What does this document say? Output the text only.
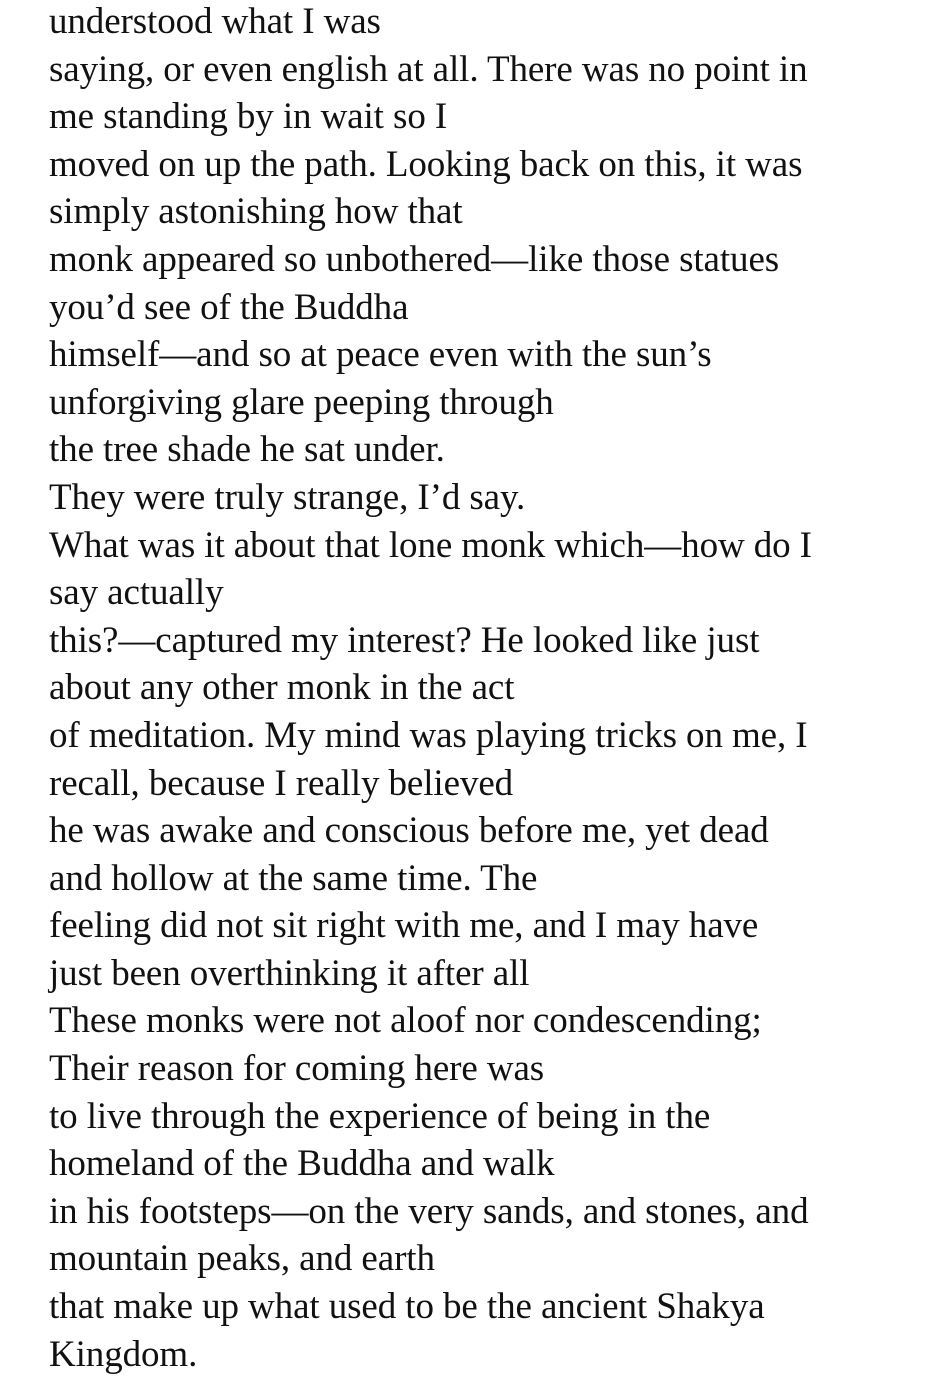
understood what I was
saying, or even english at all. There was no point in
me standing by in wait so I
moved on up the path. Looking back on this, it was
simply astonishing how that
monk appeared so unbothered—like those statues
you’d see of the Buddha
himself—and so at peace even with the sun’s
unforgiving glare peeping through
the tree shade he sat under.
They were truly strange, I’d say.
What was it about that lone monk which—how do I
say actually
this?—captured my interest? He looked like just
about any other monk in the act
of meditation. My mind was playing tricks on me, I
recall, because I really believed
he was awake and conscious before me, yet dead
and hollow at the same time. The
feeling did not sit right with me, and I may have
just been overthinking it after all
These monks were not aloof nor condescending;
Their reason for coming here was
to live through the experience of being in the
homeland of the Buddha and walk
in his footsteps—on the very sands, and stones, and
mountain peaks, and earth
that make up what used to be the ancient Shakya
Kingdom.
